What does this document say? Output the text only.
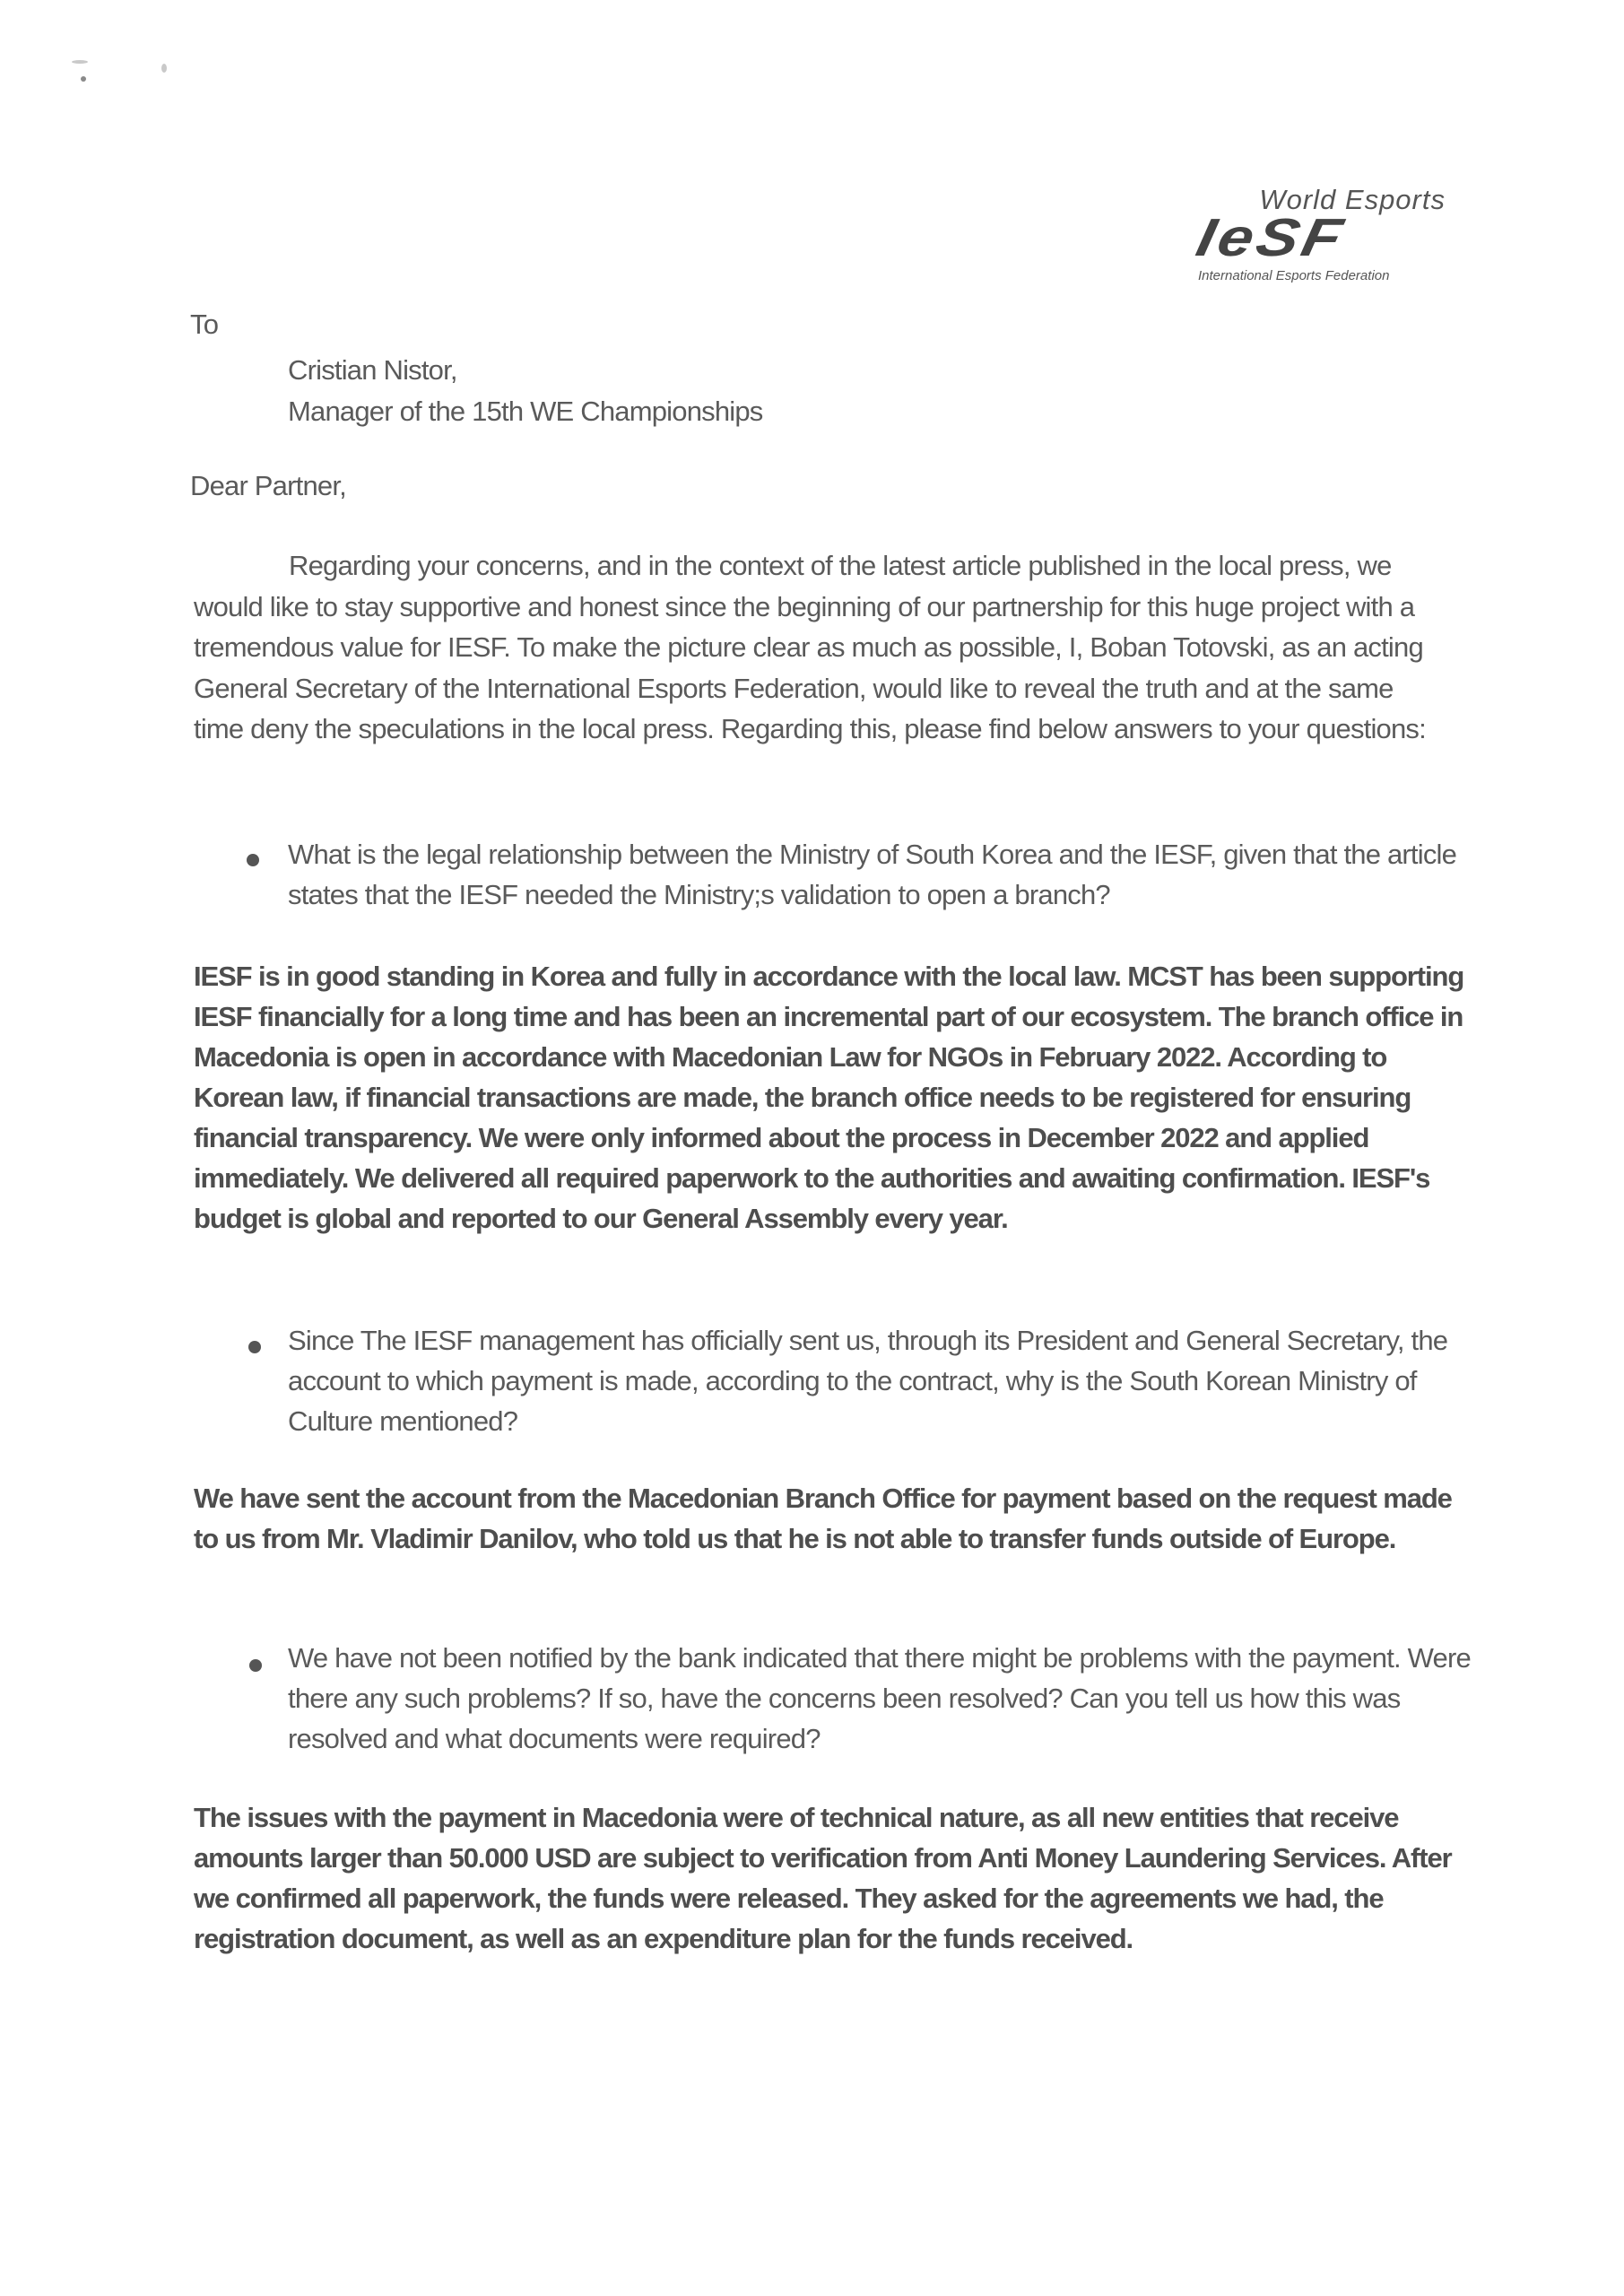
World Esports
IeSF
International Esports Federation
To
Cristian Nistor,
Manager of the 15th WE Championships
Dear Partner,
Regarding your concerns, and in the context of the latest article published in the local press, we would like to stay supportive and honest since the beginning of our partnership for this huge project with a tremendous value for IESF. To make the picture clear as much as possible, I, Boban Totovski, as an acting General Secretary of the International Esports Federation, would like to reveal the truth and at the same time deny the speculations in the local press. Regarding this, please find below answers to your questions:
What is the legal relationship between the Ministry of South Korea and the IESF, given that the article states that the IESF needed the Ministry;s validation to open a branch?
IESF is in good standing in Korea and fully in accordance with the local law. MCST has been supporting IESF financially for a long time and has been an incremental part of our ecosystem. The branch office in Macedonia is open in accordance with Macedonian Law for NGOs in February 2022. According to Korean law, if financial transactions are made, the branch office needs to be registered for ensuring financial transparency. We were only informed about the process in December 2022 and applied immediately. We delivered all required paperwork to the authorities and awaiting confirmation. IESF's budget is global and reported to our General Assembly every year.
Since The IESF management has officially sent us, through its President and General Secretary, the account to which payment is made, according to the contract, why is the South Korean Ministry of Culture mentioned?
We have sent the account from the Macedonian Branch Office for payment based on the request made to us from Mr. Vladimir Danilov, who told us that he is not able to transfer funds outside of Europe.
We have not been notified by the bank indicated that there might be problems with the payment. Were there any such problems? If so, have the concerns been resolved? Can you tell us how this was resolved and what documents were required?
The issues with the payment in Macedonia were of technical nature, as all new entities that receive amounts larger than 50.000 USD are subject to verification from Anti Money Laundering Services. After we confirmed all paperwork, the funds were released. They asked for the agreements we had, the registration document, as well as an expenditure plan for the funds received.
